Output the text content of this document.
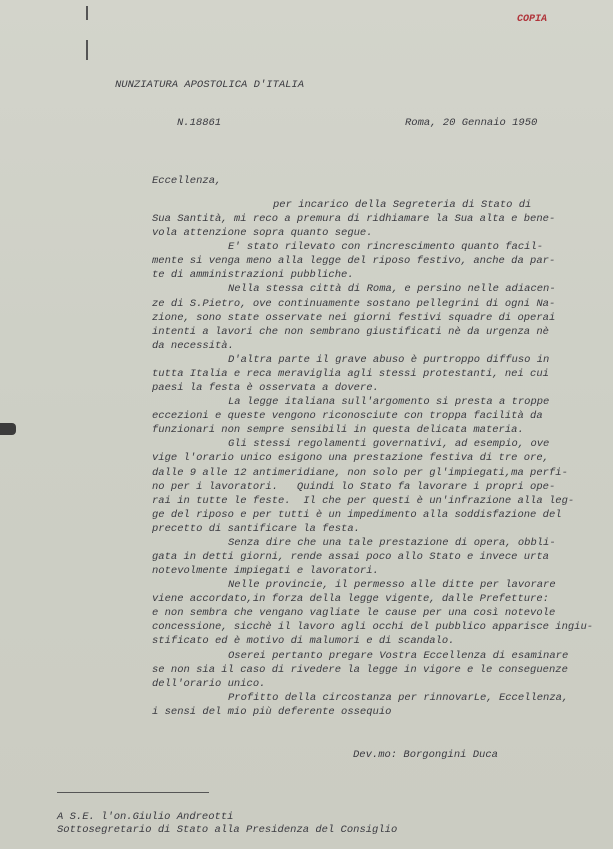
COPIA
NUNZIATURA APOSTOLICA D'ITALIA
N.18861	Roma, 20 Gennaio 1950
Eccellenza,
per incarico della Segreteria di Stato di
Sua Santità, mi reco a premura di ridhiamare la Sua alta e bene-
vola attenzione sopra quanto segue.
E' stato rilevato con rincrescimento quanto facil-
mente si venga meno alla legge del riposo festivo, anche da par-
te di amministrazioni pubbliche.
Nella stessa città di Roma, e persino nelle adiacen-
ze di S.Pietro, ove continuamente sostano pellegrini di ogni Na-
zione, sono state osservate nei giorni festivi squadre di operai
intenti a lavori che non sembrano giustificati nè da urgenza nè
da necessità.
D'altra parte il grave abuso è purtroppo diffuso in
tutta Italia e reca meraviglia agli stessi protestanti, nei cui
paesi la festa è osservata a dovere.
La legge italiana sull'argomento si presta a troppe
eccezioni e queste vengono riconosciute con troppa facilità da
funzionari non sempre sensibili in questa delicata materia.
Gli stessi regolamenti governativi, ad esempio, ove
vige l'orario unico esigono una prestazione festiva di tre ore,
dalle 9 alle 12 antimeridiane, non solo per gl'impiegati,ma perfi-
no per i lavoratori.   Quindi lo Stato fa lavorare i propri ope-
rai in tutte le feste.  Il che per questi è un'infrazione alla leg-
ge del riposo e per tutti è un impedimento alla soddisfazione del
precetto di santificare la festa.
Senza dire che una tale prestazione di opera, obbli-
gata in detti giorni, rende assai poco allo Stato e invece urta
notevolmente impiegati e lavoratori.
Nelle provincie, il permesso alle ditte per lavorare
viene accordato,in forza della legge vigente, dalle Prefetture:
e non sembra che vengano vagliate le cause per una così notevole
concessione, sicchè il lavoro agli occhi del pubblico apparisce ingiu-
stificato ed è motivo di malumori e di scandalo.
Oserei pertanto pregare Vostra Eccellenza di esaminare
se non sia il caso di rivedere la legge in vigore e le conseguenze
dell'orario unico.
Profitto della circostanza per rinnovarLe, Eccellenza,
i sensi del mio più deferente ossequio
Dev.mo: Borgongini Duca
A S.E. l'on.Giulio Andreotti
Sottosegretario di Stato alla Presidenza del Consiglio
